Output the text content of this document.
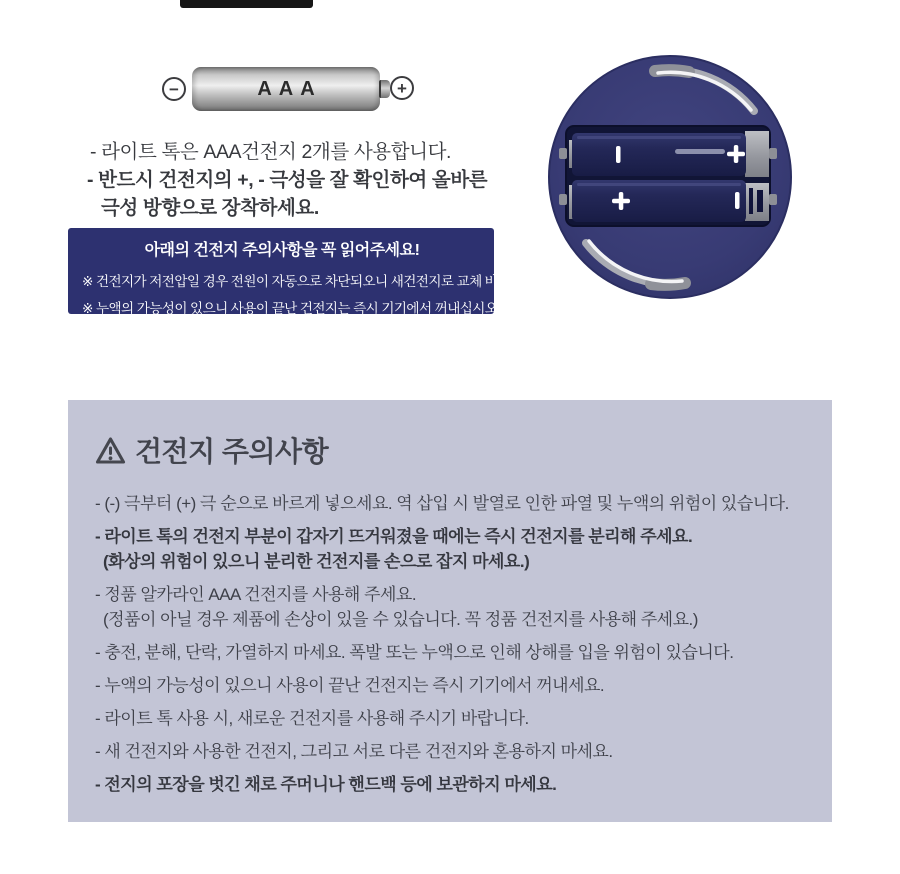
−	AAA	+

- 라이트 톡은 AAA건전지 2개를 사용합니다.

- 반드시 건전지의 +, - 극성을 잘 확인하여 올바른

극성 방향으로 장착하세요.

아래의 건전지 주의사항을 꼭 읽어주세요!

※ 건전지가 저전압일 경우 전원이 자동으로 차단되오니 새건전지로 교체 바랍니다.

※ 누액의 가능성이 있으니 사용이 끝난 건전지는 즉시 기기에서 꺼내십시오.

건전지 주의사항

- (-) 극부터 (+) 극 순으로 바르게 넣으세요. 역 삽입 시 발열로 인한 파열 및 누액의 위험이 있습니다.

- 라이트 톡의 건전지 부분이 갑자기 뜨거워졌을 때에는 즉시 건전지를 분리해 주세요.

(화상의 위험이 있으니 분리한 건전지를 손으로 잡지 마세요.)

- 정품 알카라인 AAA 건전지를 사용해 주세요.

(정품이 아닐 경우 제품에 손상이 있을 수 있습니다. 꼭 정품 건전지를 사용해 주세요.)

- 충전, 분해, 단락, 가열하지 마세요. 폭발 또는 누액으로 인해 상해를 입을 위험이 있습니다.

- 누액의 가능성이 있으니 사용이 끝난 건전지는 즉시 기기에서 꺼내세요.

- 라이트 톡 사용 시, 새로운 건전지를 사용해 주시기 바랍니다.

- 새 건전지와 사용한 건전지, 그리고 서로 다른 건전지와 혼용하지 마세요.

- 전지의 포장을 벗긴 채로 주머니나 핸드백 등에 보관하지 마세요.
